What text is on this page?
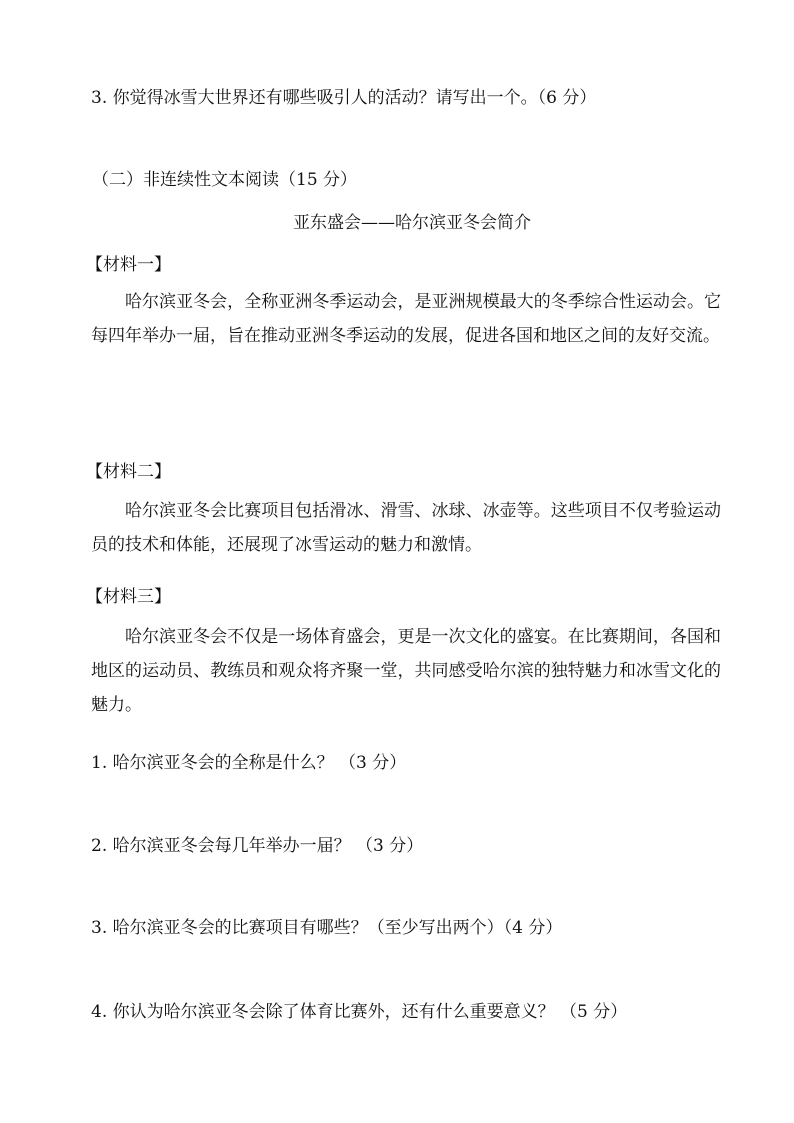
3. 你觉得冰雪大世界还有哪些吸引人的活动？请写出一个。（6 分）
（二）非连续性文本阅读（15 分）
亚东盛会——哈尔滨亚冬会简介
【材料一】
哈尔滨亚冬会，全称亚洲冬季运动会，是亚洲规模最大的冬季综合性运动会。它每四年举办一届，旨在推动亚洲冬季运动的发展，促进各国和地区之间的友好交流。
【材料二】
哈尔滨亚冬会比赛项目包括滑冰、滑雪、冰球、冰壶等。这些项目不仅考验运动员的技术和体能，还展现了冰雪运动的魅力和激情。
【材料三】
哈尔滨亚冬会不仅是一场体育盛会，更是一次文化的盛宴。在比赛期间，各国和地区的运动员、教练员和观众将齐聚一堂，共同感受哈尔滨的独特魅力和冰雪文化的魅力。
1. 哈尔滨亚冬会的全称是什么？ （3 分）
2. 哈尔滨亚冬会每几年举办一届？ （3 分）
3. 哈尔滨亚冬会的比赛项目有哪些？（至少写出两个）（4 分）
4. 你认为哈尔滨亚冬会除了体育比赛外，还有什么重要意义？ （5 分）
